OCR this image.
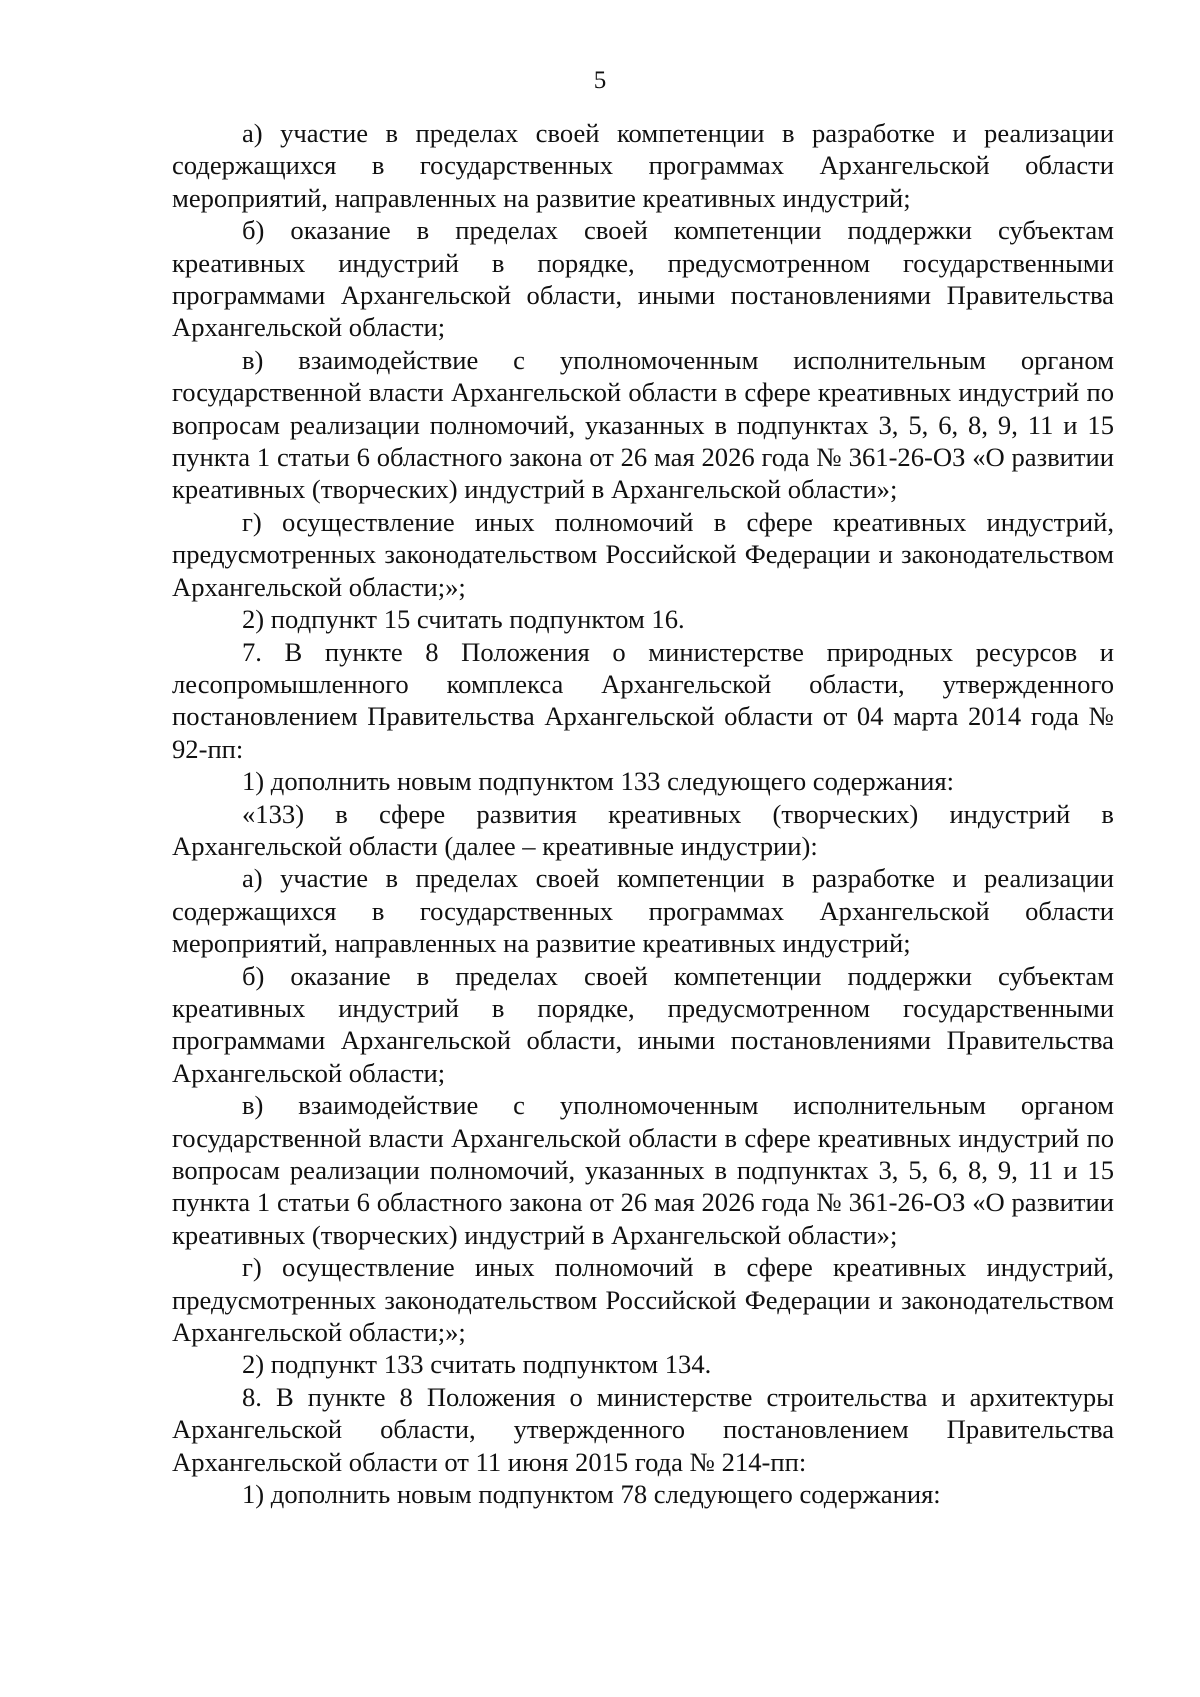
5

а) участие в пределах своей компетенции в разработке и реализации содержащихся в государственных программах Архангельской области мероприятий, направленных на развитие креативных индустрий;

б) оказание в пределах своей компетенции поддержки субъектам креативных индустрий в порядке, предусмотренном государственными программами Архангельской области, иными постановлениями Правительства Архангельской области;

в) взаимодействие с уполномоченным исполнительным органом государственной власти Архангельской области в сфере креативных индустрий по вопросам реализации полномочий, указанных в подпунктах 3, 5, 6, 8, 9, 11 и 15 пункта 1 статьи 6 областного закона от 26 мая 2026 года № 361-26-ОЗ «О развитии креативных (творческих) индустрий в Архангельской области»;

г) осуществление иных полномочий в сфере креативных индустрий, предусмотренных законодательством Российской Федерации и законодательством Архангельской области;»;

2) подпункт 15 считать подпунктом 16.

7. В пункте 8 Положения о министерстве природных ресурсов и лесопромышленного комплекса Архангельской области, утвержденного постановлением Правительства Архангельской области от 04 марта 2014 года № 92-пп:

1) дополнить новым подпунктом 133 следующего содержания:

«133) в сфере развития креативных (творческих) индустрий в Архангельской области (далее – креативные индустрии):

а) участие в пределах своей компетенции в разработке и реализации содержащихся в государственных программах Архангельской области мероприятий, направленных на развитие креативных индустрий;

б) оказание в пределах своей компетенции поддержки субъектам креативных индустрий в порядке, предусмотренном государственными программами Архангельской области, иными постановлениями Правительства Архангельской области;

в) взаимодействие с уполномоченным исполнительным органом государственной власти Архангельской области в сфере креативных индустрий по вопросам реализации полномочий, указанных в подпунктах 3, 5, 6, 8, 9, 11 и 15 пункта 1 статьи 6 областного закона от 26 мая 2026 года № 361-26-ОЗ «О развитии креативных (творческих) индустрий в Архангельской области»;

г) осуществление иных полномочий в сфере креативных индустрий, предусмотренных законодательством Российской Федерации и законодательством Архангельской области;»;

2) подпункт 133 считать подпунктом 134.

8. В пункте 8 Положения о министерстве строительства и архитектуры Архангельской области, утвержденного постановлением Правительства Архангельской области от 11 июня 2015 года № 214-пп:

1) дополнить новым подпунктом 78 следующего содержания:
